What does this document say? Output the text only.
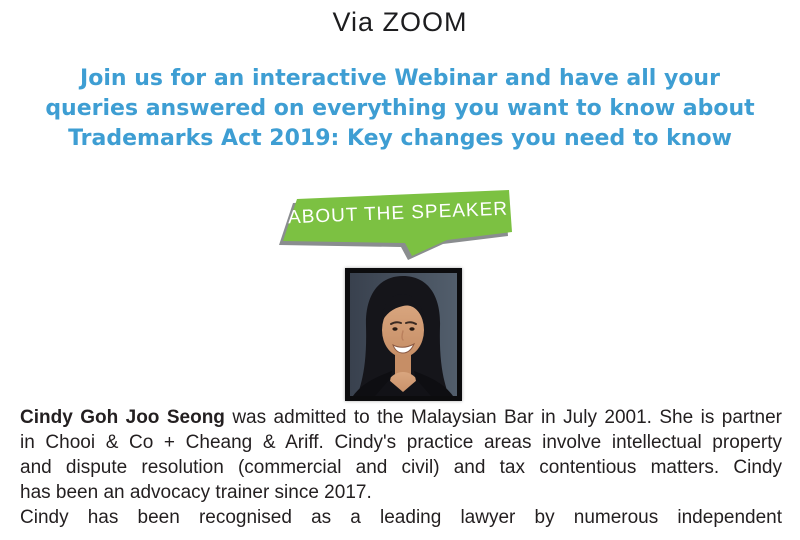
Via ZOOM
Join us for an interactive Webinar and have all your
queries answered on everything you want to know about
Trademarks Act 2019: Key changes you need to know
ABOUT THE SPEAKER
Cindy Goh Joo Seong was admitted to the Malaysian Bar in July 2001. She is partner
in Chooi & Co + Cheang & Ariff. Cindy's practice areas involve intellectual property
and dispute resolution (commercial and civil) and tax contentious matters. Cindy
has been an advocacy trainer since 2017.
Cindy has been recognised as a leading lawyer by numerous independent
